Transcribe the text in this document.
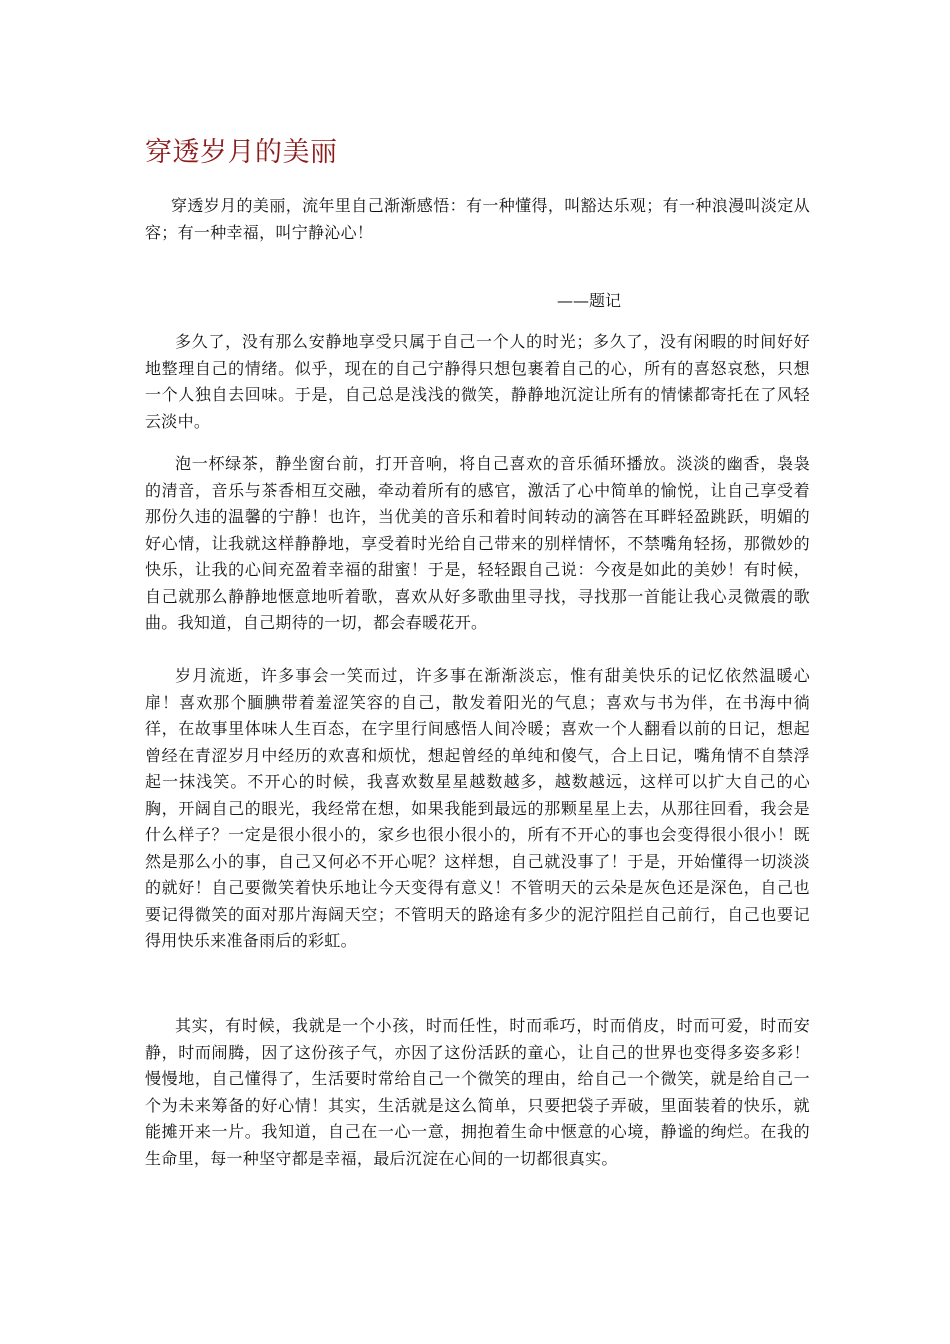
穿透岁月的美丽

穿透岁月的美丽，流年里自己渐渐感悟：有一种懂得，叫豁达乐观；有一种浪漫叫淡定从容；有一种幸福，叫宁静沁心！

——题记

多久了，没有那么安静地享受只属于自己一个人的时光；多久了，没有闲暇的时间好好地整理自己的情绪。似乎，现在的自己宁静得只想包裹着自己的心，所有的喜怒哀愁，只想一个人独自去回味。于是，自己总是浅浅的微笑，静静地沉淀让所有的情愫都寄托在了风轻云淡中。

泡一杯绿茶，静坐窗台前，打开音响，将自己喜欢的音乐循环播放。淡淡的幽香，袅袅的清音，音乐与茶香相互交融，牵动着所有的感官，激活了心中简单的愉悦，让自己享受着那份久违的温馨的宁静！也许，当优美的音乐和着时间转动的滴答在耳畔轻盈跳跃，明媚的好心情，让我就这样静静地，享受着时光给自己带来的别样情怀，不禁嘴角轻扬，那微妙的快乐，让我的心间充盈着幸福的甜蜜！于是，轻轻跟自己说：今夜是如此的美妙！有时候，自己就那么静静地惬意地听着歌，喜欢从好多歌曲里寻找，寻找那一首能让我心灵微震的歌曲。我知道，自己期待的一切，都会春暖花开。

岁月流逝，许多事会一笑而过，许多事在渐渐淡忘，惟有甜美快乐的记忆依然温暖心扉！喜欢那个腼腆带着羞涩笑容的自己，散发着阳光的气息；喜欢与书为伴，在书海中徜徉，在故事里体味人生百态，在字里行间感悟人间冷暖；喜欢一个人翻看以前的日记，想起曾经在青涩岁月中经历的欢喜和烦忧，想起曾经的单纯和傻气，合上日记，嘴角情不自禁浮起一抹浅笑。不开心的时候，我喜欢数星星越数越多，越数越远，这样可以扩大自己的心胸，开阔自己的眼光，我经常在想，如果我能到最远的那颗星星上去，从那往回看，我会是什么样子？一定是很小很小的，家乡也很小很小的，所有不开心的事也会变得很小很小！既然是那么小的事，自己又何必不开心呢？这样想，自己就没事了！于是，开始懂得一切淡淡的就好！自己要微笑着快乐地让今天变得有意义！不管明天的云朵是灰色还是深色，自己也要记得微笑的面对那片海阔天空；不管明天的路途有多少的泥泞阻拦自己前行，自己也要记得用快乐来准备雨后的彩虹。

其实，有时候，我就是一个小孩，时而任性，时而乖巧，时而俏皮，时而可爱，时而安静，时而闹腾，因了这份孩子气，亦因了这份活跃的童心，让自己的世界也变得多姿多彩！慢慢地，自己懂得了，生活要时常给自己一个微笑的理由，给自己一个微笑，就是给自己一个为未来筹备的好心情！其实，生活就是这么简单，只要把袋子弄破，里面装着的快乐，就能摊开来一片。我知道，自己在一心一意，拥抱着生命中惬意的心境，静谧的绚烂。在我的生命里，每一种坚守都是幸福，最后沉淀在心间的一切都很真实。
